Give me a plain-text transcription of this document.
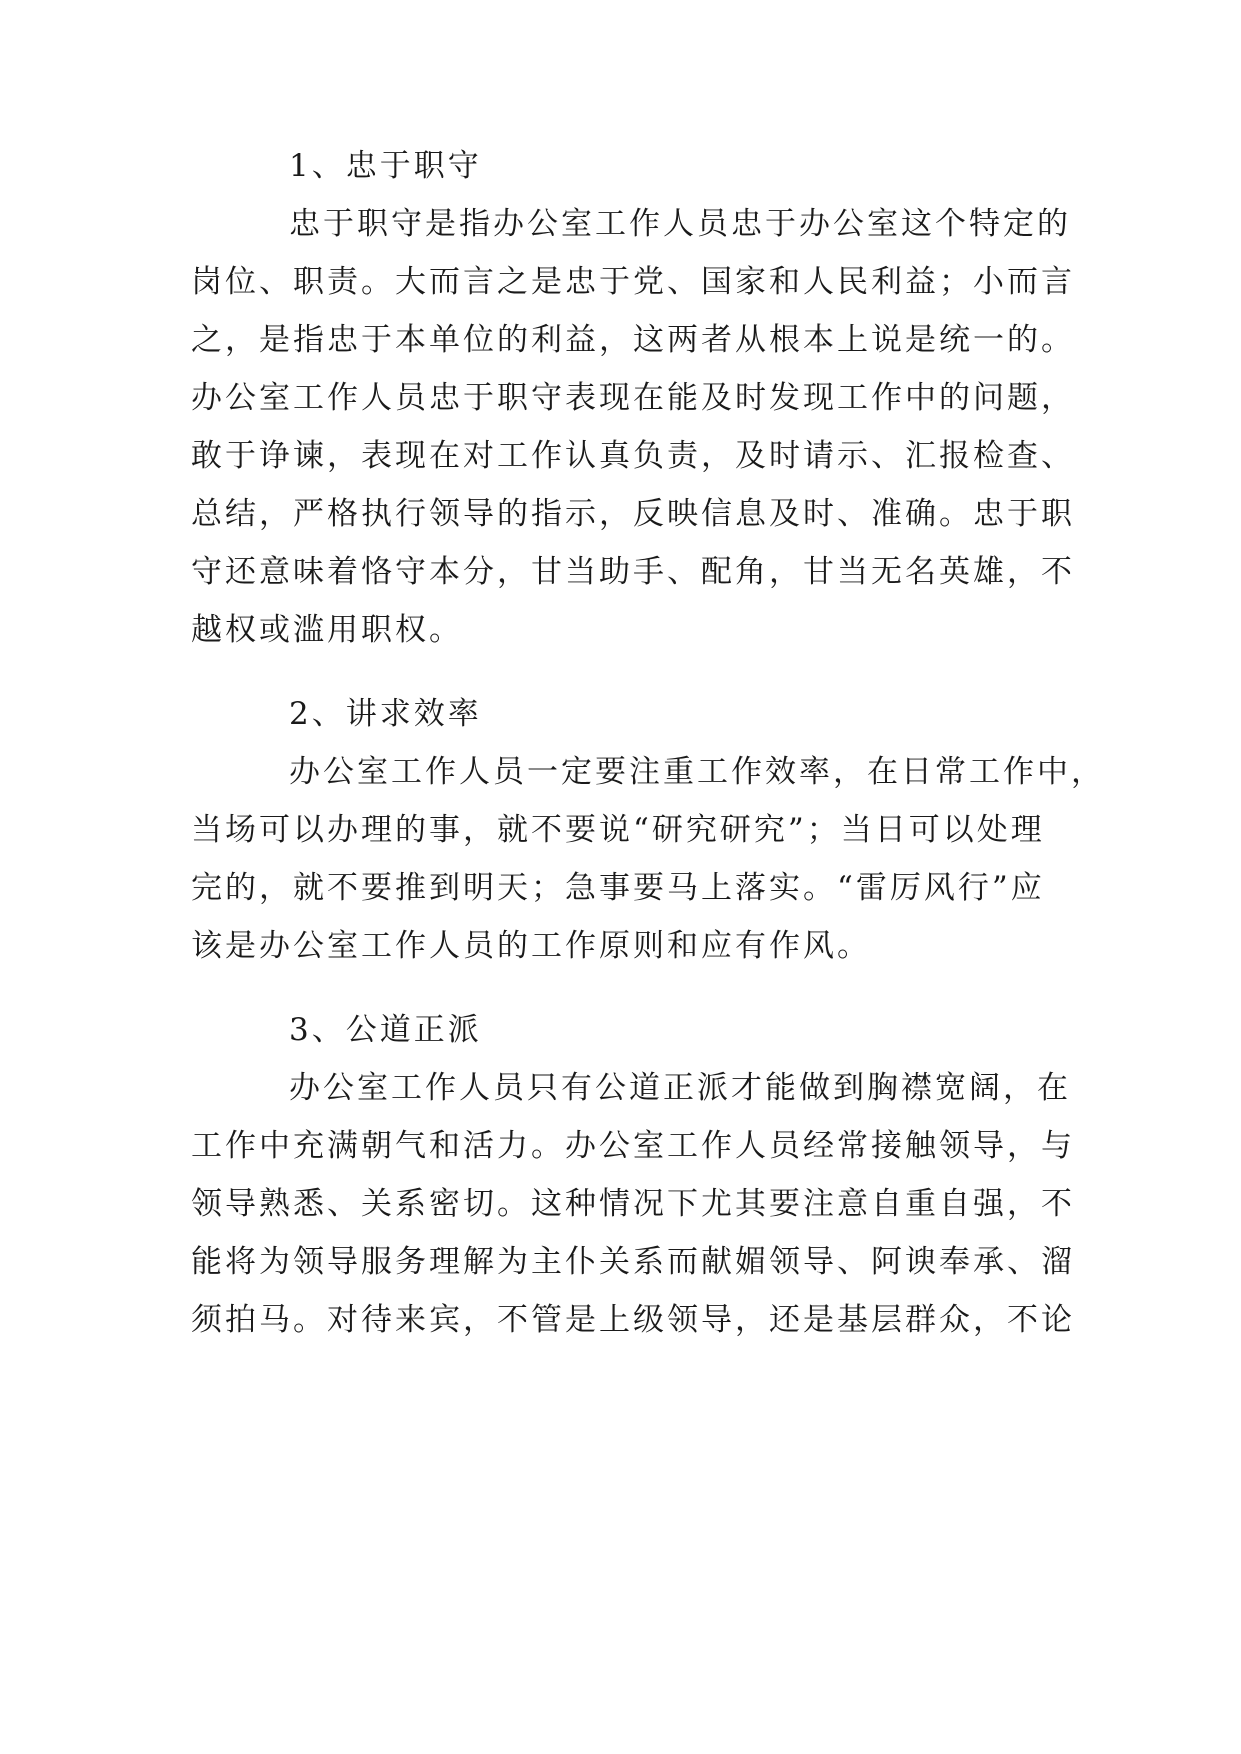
1、忠于职守
忠于职守是指办公室工作人员忠于办公室这个特定的
岗位、职责。大而言之是忠于党、国家和人民利益；小而言
之，是指忠于本单位的利益，这两者从根本上说是统一的。
办公室工作人员忠于职守表现在能及时发现工作中的问题，
敢于诤谏，表现在对工作认真负责，及时请示、汇报检查、
总结，严格执行领导的指示，反映信息及时、准确。忠于职
守还意味着恪守本分，甘当助手、配角，甘当无名英雄，不
越权或滥用职权。
2、讲求效率
办公室工作人员一定要注重工作效率，在日常工作中，
当场可以办理的事，就不要说“研究研究”；当日可以处理
完的，就不要推到明天；急事要马上落实。“雷厉风行”应
该是办公室工作人员的工作原则和应有作风。
3、公道正派
办公室工作人员只有公道正派才能做到胸襟宽阔，在
工作中充满朝气和活力。办公室工作人员经常接触领导，与
领导熟悉、关系密切。这种情况下尤其要注意自重自强，不
能将为领导服务理解为主仆关系而献媚领导、阿谀奉承、溜
须拍马。对待来宾，不管是上级领导，还是基层群众，不论
